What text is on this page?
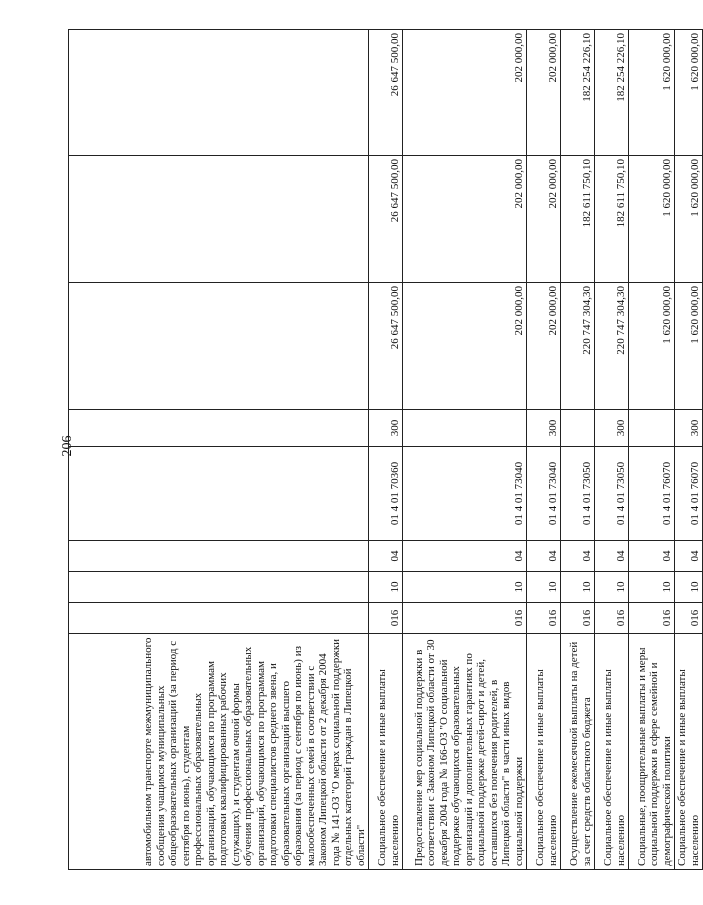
206
автомобильном транспорте межмуниципального сообщения учащимся муниципальных общеобразовательных организаций (за период с сентября по июнь), студентам профессиональных образовательных организаций, обучающимся по программам подготовки квалифицированных рабочих (служащих), и студентам очной формы обучения профессиональных образовательных организаций, обучающимся по программам подготовки специалистов среднего звена, и образовательных организаций высшего образования (за период с сентября по июнь) из малообеспеченных семей в соответствии с Законом Липецкой области от 2 декабря 2004 года № 141-ОЗ "О мерах социальной поддержки отдельных категорий граждан в Липецкой области"								
Социальное обеспечение и иные выплаты населению	016	10	04	01 4 01 70360	300	26 647 500,00	26 647 500,00	26 647 500,00
Предоставление мер социальной поддержки в соответствии с Законом Липецкой области от 30 декабря 2004 года № 166-ОЗ "О социальной поддержке обучающихся образовательных организаций и дополнительных гарантиях по социальной поддержке детей-сирот и детей, оставшихся без попечения родителей, в Липецкой области" в части иных видов социальной поддержки	016	10	04	01 4 01 73040		202 000,00	202 000,00	202 000,00
Социальное обеспечение и иные выплаты населению	016	10	04	01 4 01 73040	300	202 000,00	202 000,00	202 000,00
Осуществление ежемесячной выплаты на детей за счет средств областного бюджета	016	10	04	01 4 01 73050		220 747 304,30	182 611 750,10	182 254 226,10
Социальное обеспечение и иные выплаты населению	016	10	04	01 4 01 73050	300	220 747 304,30	182 611 750,10	182 254 226,10
Социальные, поощрительные выплаты и меры социальной поддержки в сфере семейной и демографической политики	016	10	04	01 4 01 76070		1 620 000,00	1 620 000,00	1 620 000,00
Социальное обеспечение и иные выплаты населению	016	10	04	01 4 01 76070	300	1 620 000,00	1 620 000,00	1 620 000,00
